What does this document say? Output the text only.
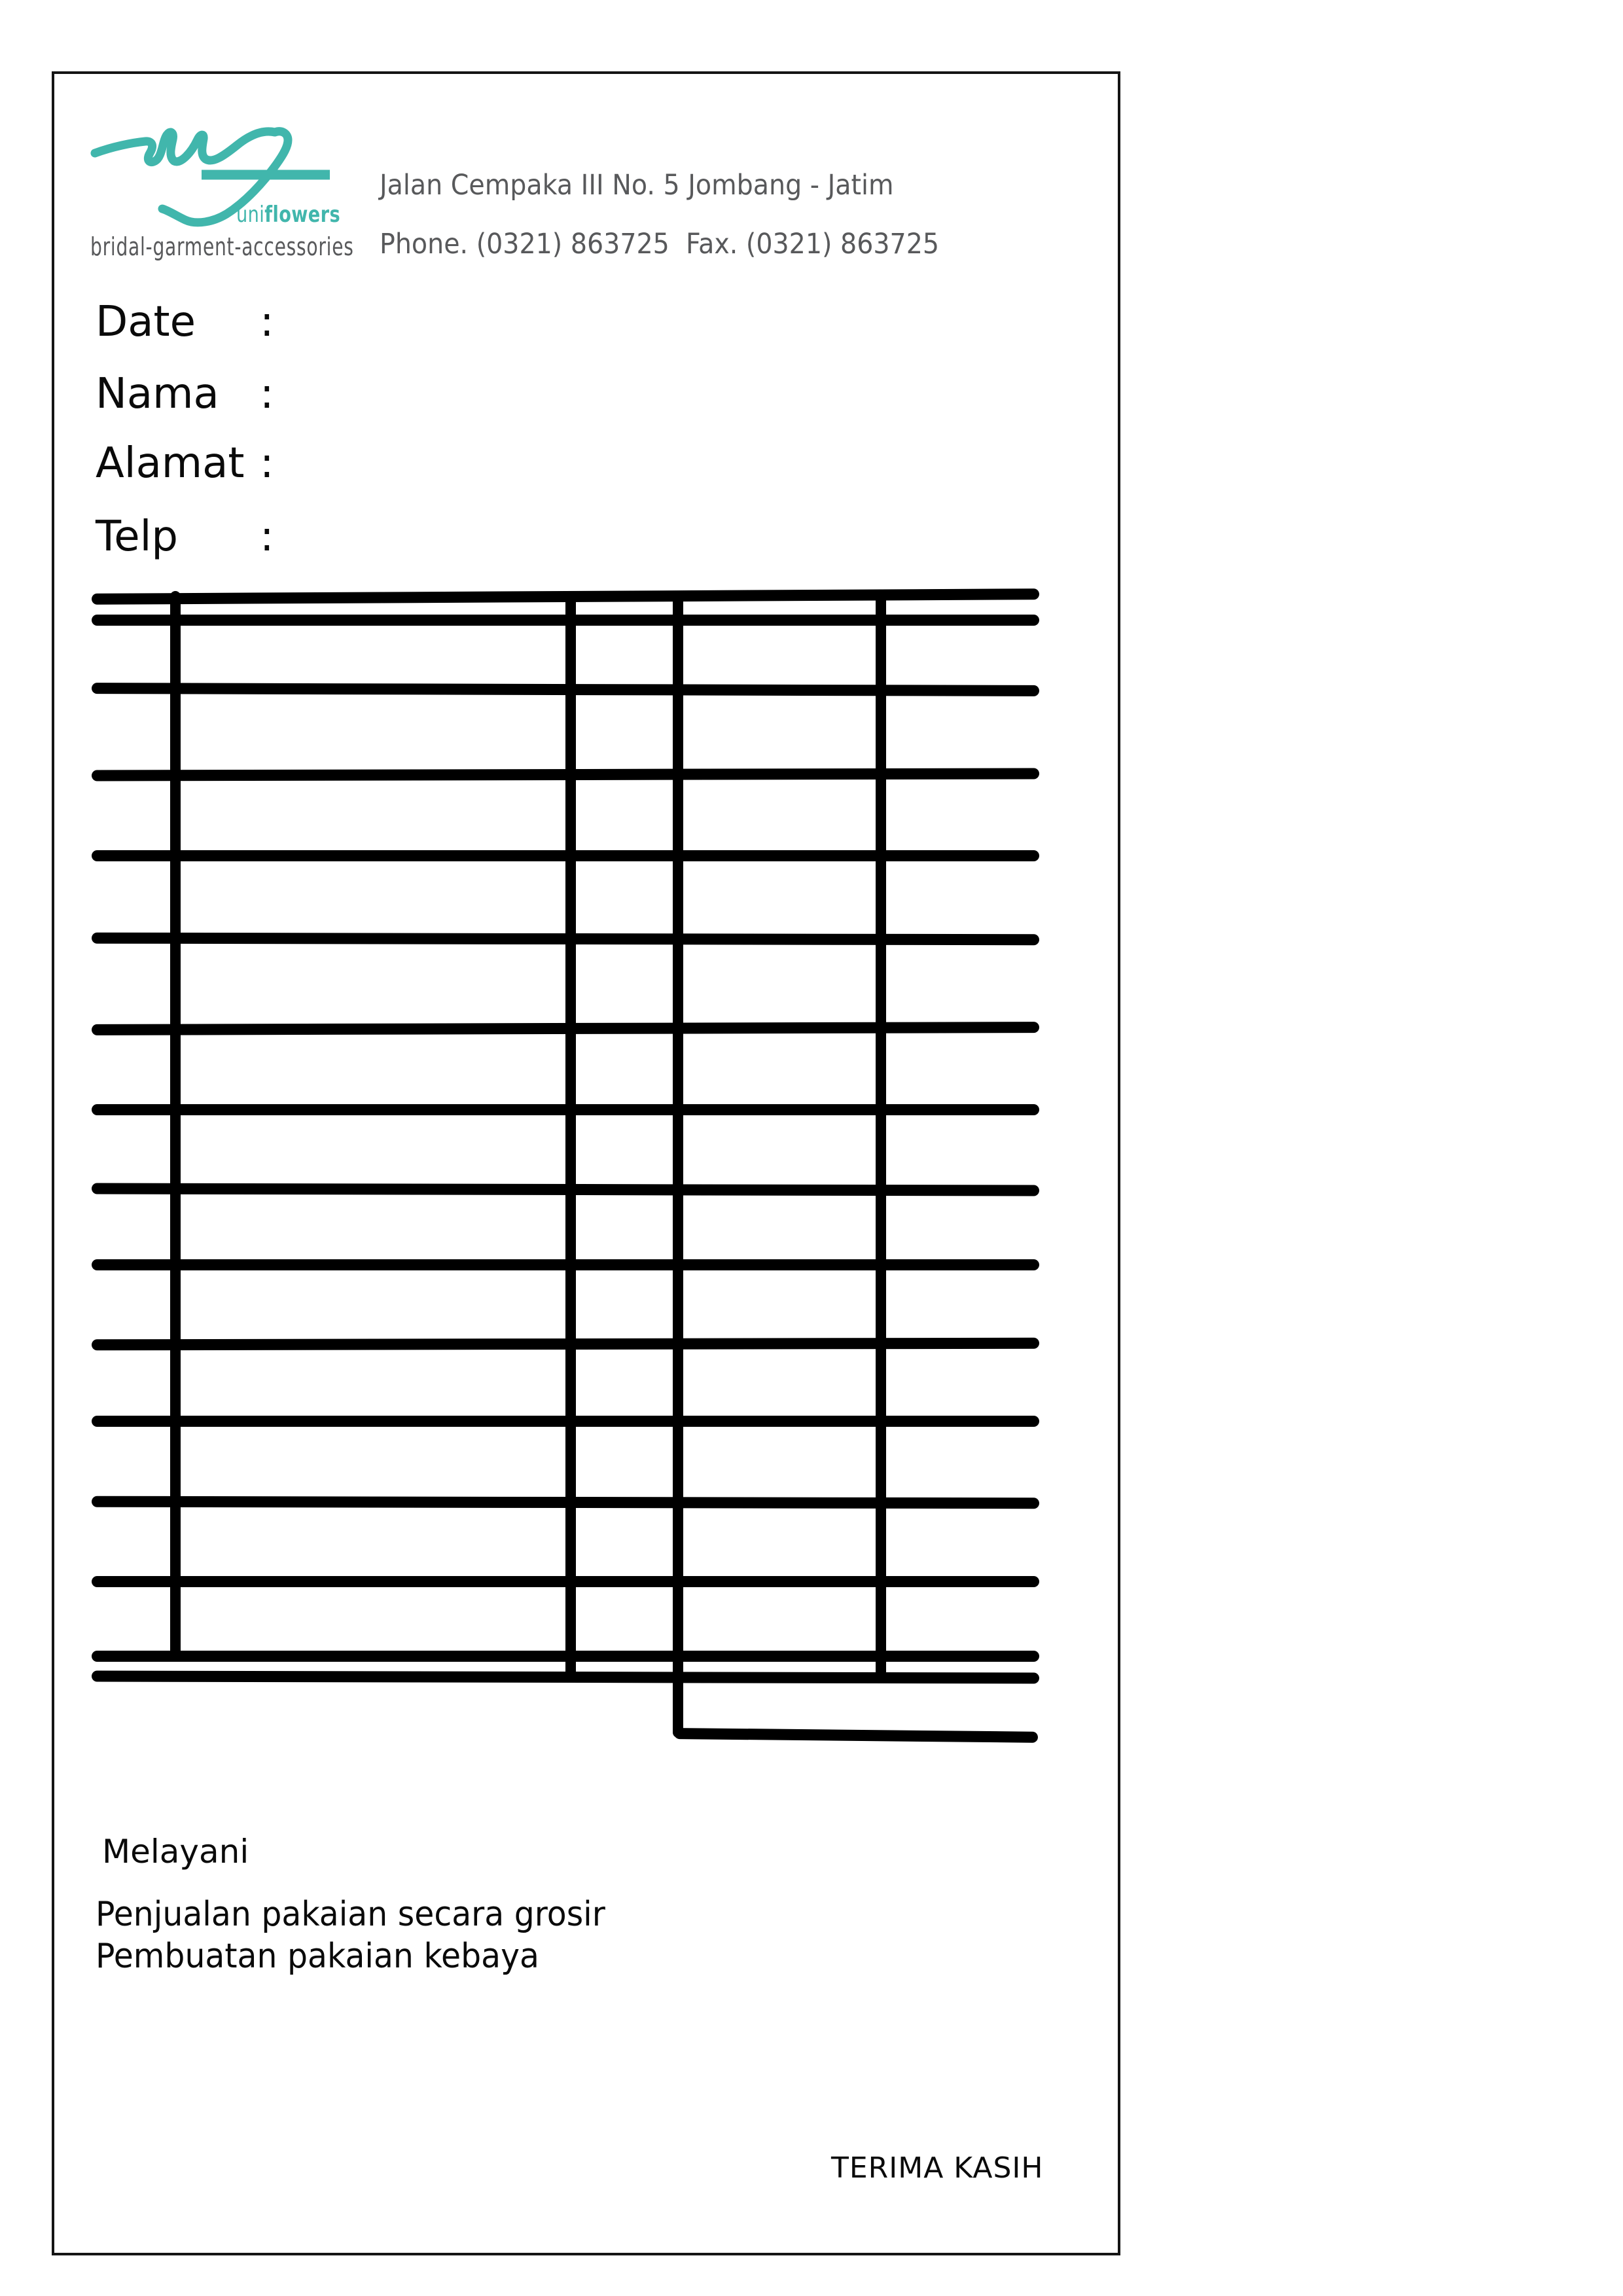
uniflowers
bridal-garment-accessories
Jalan Cempaka III No. 5 Jombang - Jatim
Phone. (0321) 863725  Fax. (0321) 863725
Date	:
Nama :
Alamat :
Telp	:
Melayani
Penjualan pakaian secara grosir
Pembuatan pakaian kebaya
TERIMA KASIH
